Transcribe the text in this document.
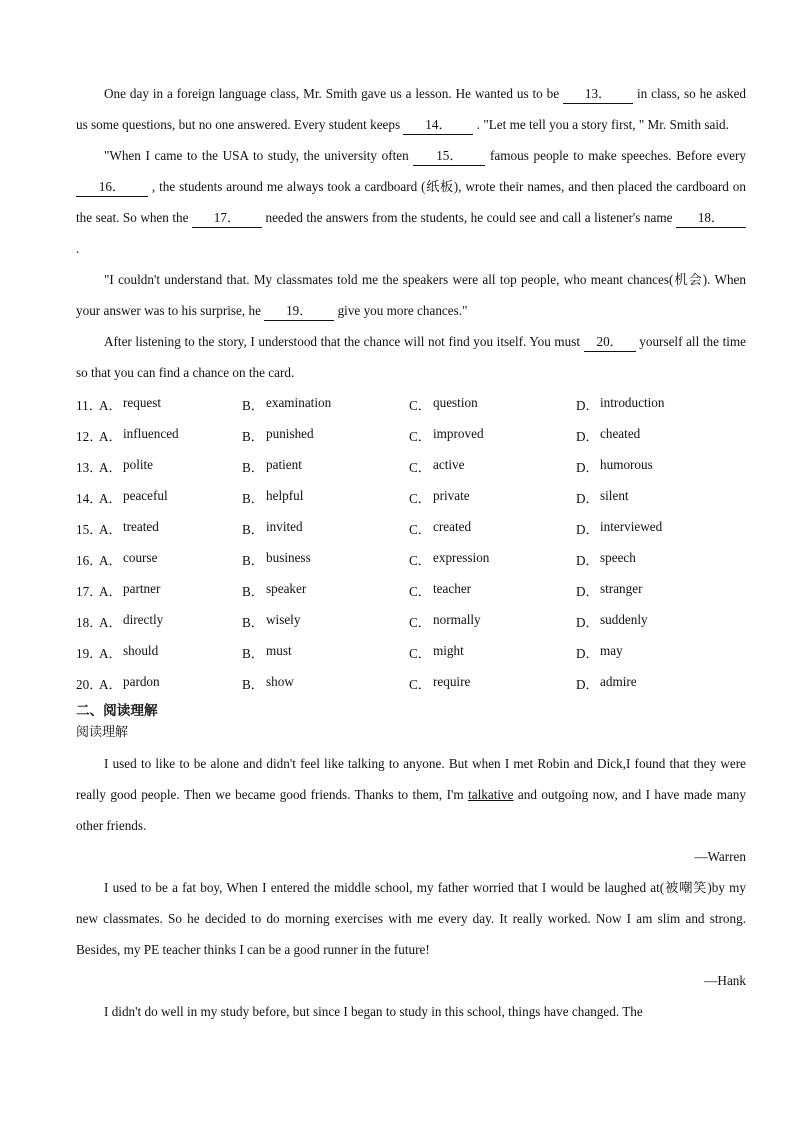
One day in a foreign language class, Mr. Smith gave us a lesson. He wanted us to be 13． in class, so he asked us some questions, but no one answered. Every student keeps 14． . "Let me tell you a story first, " Mr. Smith said.

"When I came to the USA to study, the university often 15． famous people to make speeches. Before every 16． , the students around me always took a cardboard (纸板), wrote their names, and then placed the cardboard on the seat. So when the 17． needed the answers from the students, he could see and call a listener's name 18． .

"I couldn't understand that. My classmates told me the speakers were all top people, who meant chances(机会). When your answer was to his surprise, he 19． give you more chances."

After listening to the story, I understood that the chance will not find you itself. You must 20． yourself all the time so that you can find a chance on the card.

11．
A． request	B． examination	C． question	D． introduction
12．
A． influenced	B． punished	C． improved	D． cheated
13．
A． polite	B． patient	C． active	D． humorous
14．
A． peaceful	B． helpful	C． private	D． silent
15．
A． treated	B． invited	C． created	D． interviewed
16．
A． course	B． business	C． expression	D． speech
17．
A． partner	B． speaker	C． teacher	D． stranger
18．
A． directly	B． wisely	C． normally	D． suddenly
19．
A． should	B． must	C． might	D． may
20．
A． pardon	B． show	C． require	D． admire
二、阅读理解
阅读理解

I used to like to be alone and didn't feel like talking to anyone. But when I met Robin and Dick,I found that they were really good people. Then we became good friends. Thanks to them, I'm talkative and outgoing now, and I have made many other friends.

—Warren

I used to be a fat boy, When I entered the middle school, my father worried that I would be laughed at(被嘲笑)by my new classmates. So he decided to do morning exercises with me every day. It really worked. Now I am slim and strong. Besides, my PE teacher thinks I can be a good runner in the future!

—Hank

I didn't do well in my study before, but since I began to study in this school, things have changed. The
